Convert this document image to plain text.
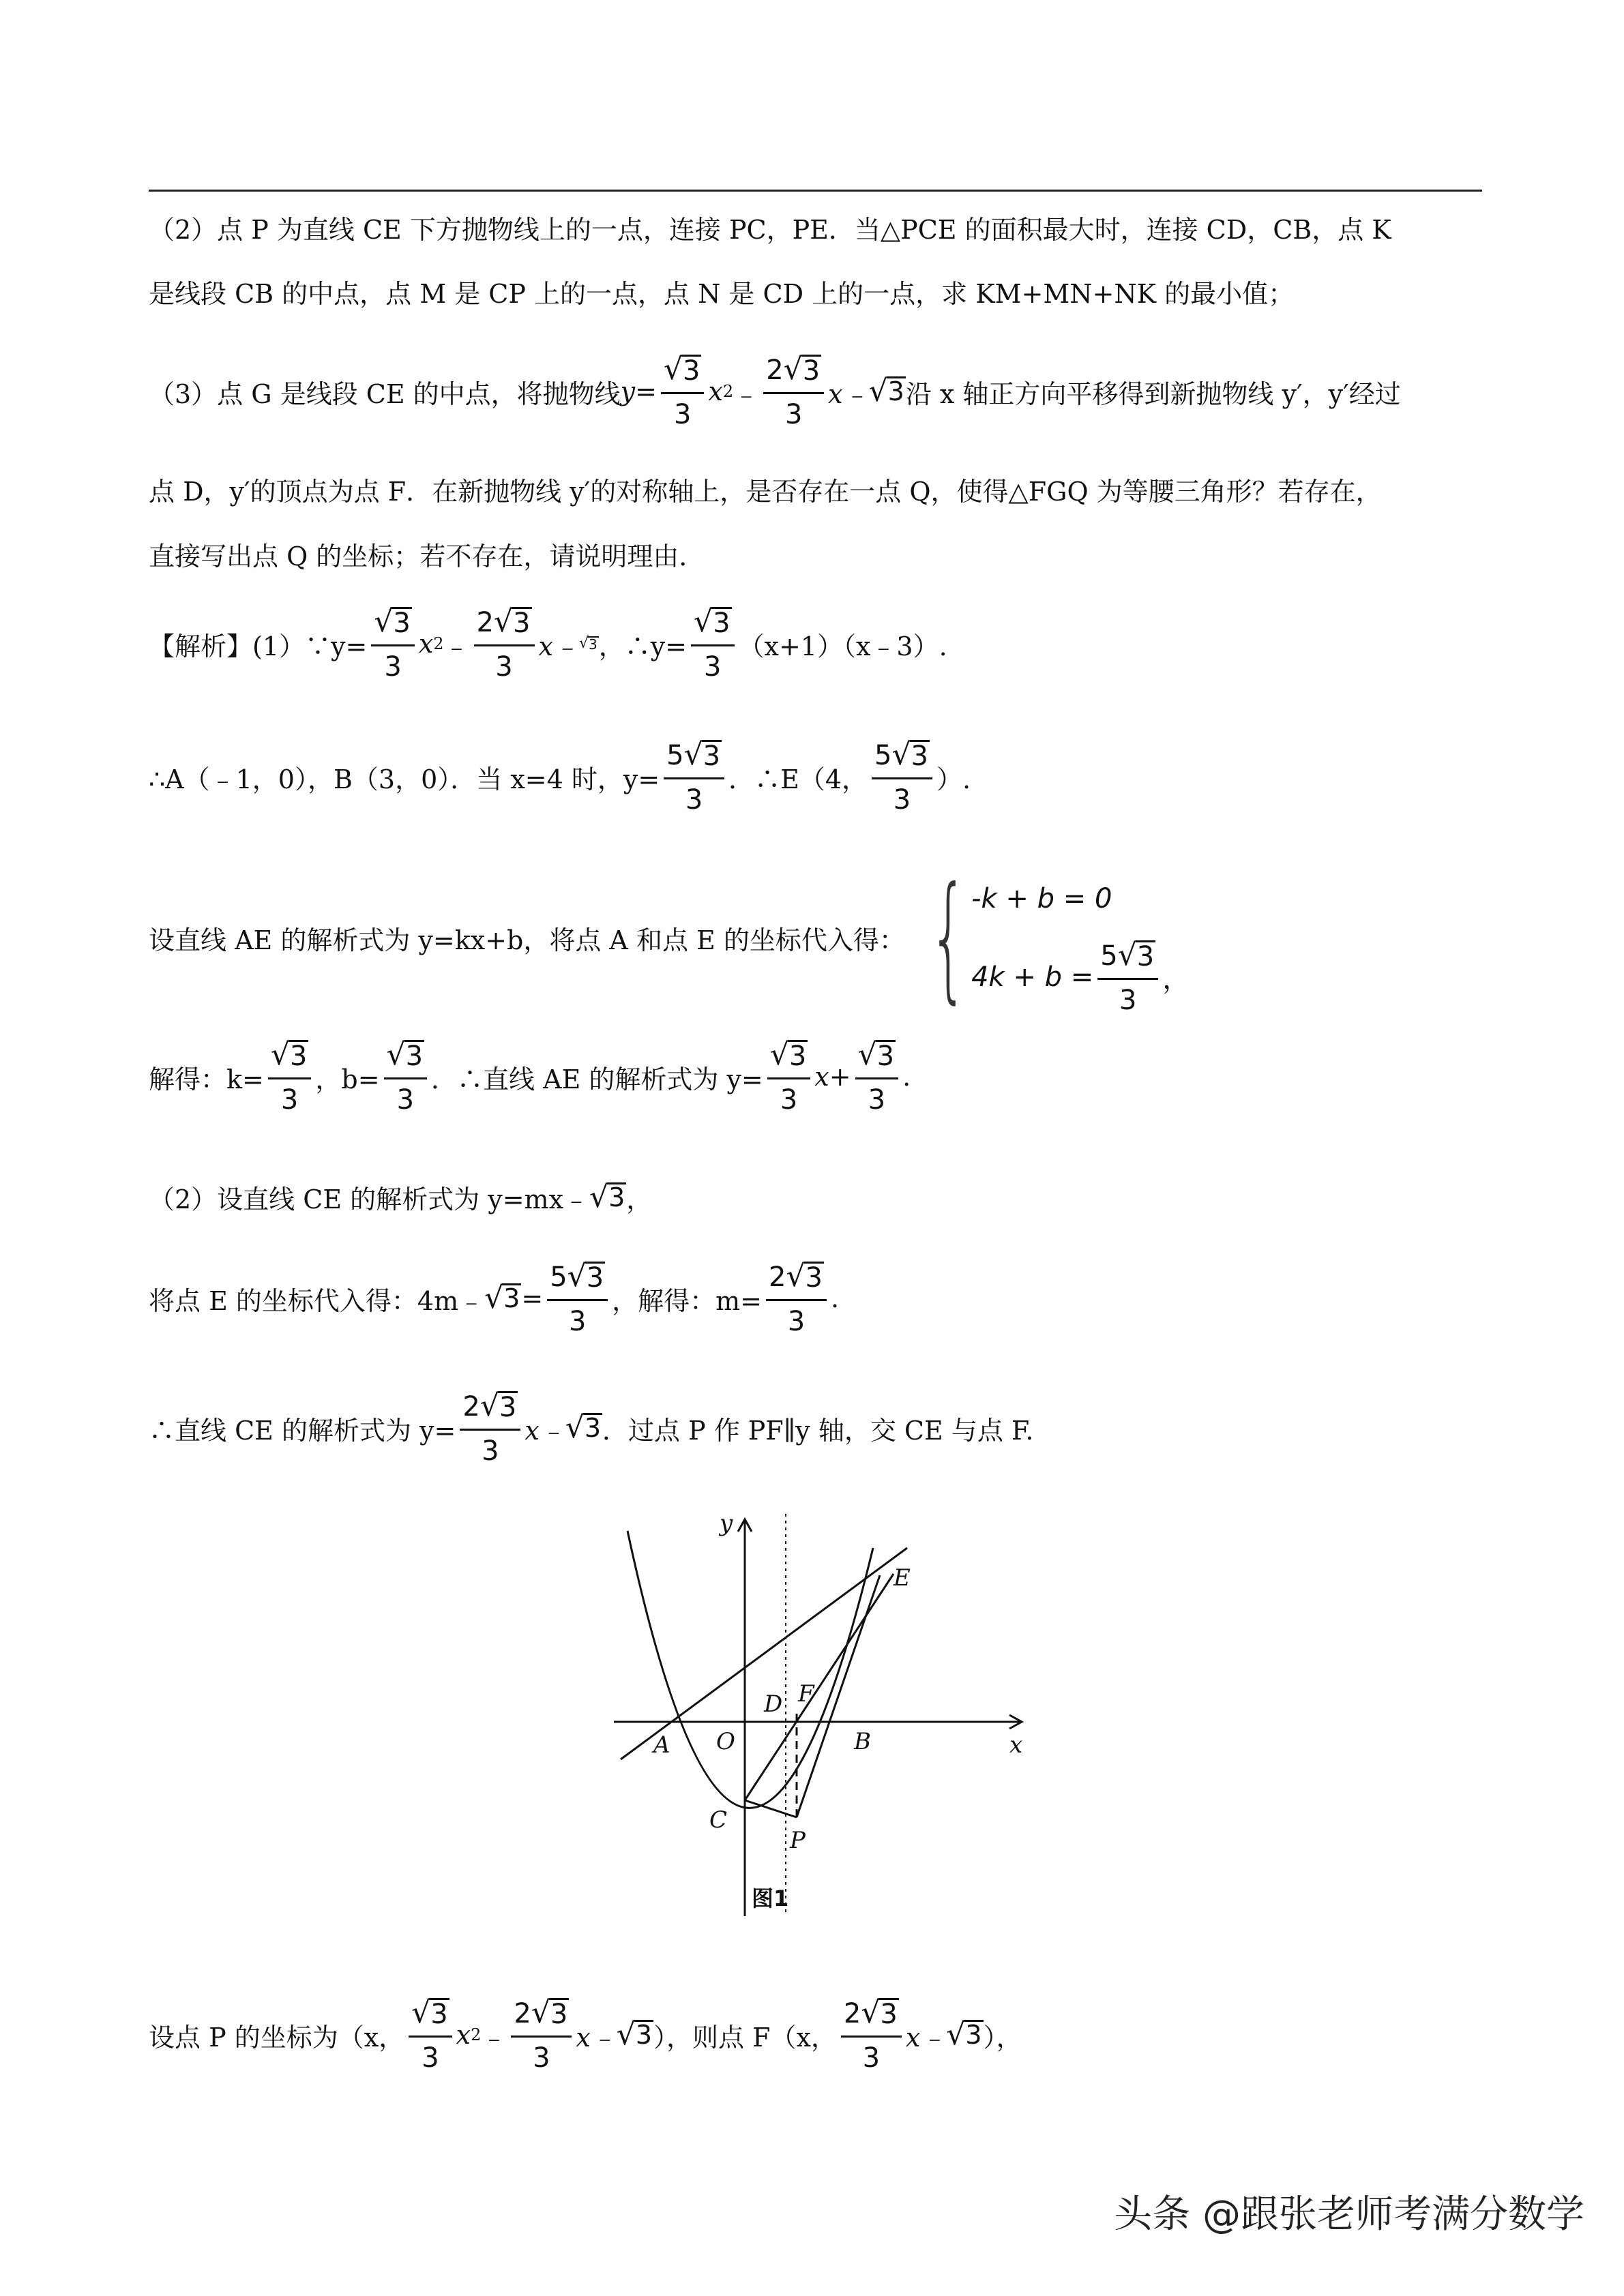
（2）点 P 为直线 CE 下方抛物线上的一点，连接 PC，PE．当△PCE 的面积最大时，连接 CD，CB，点 K
是线段 CB 的中点，点 M 是 CP 上的一点，点 N 是 CD 上的一点，求 KM+MN+NK 的最小值；
（3）点 G 是线段 CE 的中点，将抛物线 $y= \frac{√ 3}{3}$ x 2 ﹣ $\frac{2 √ 3}{3}$ x﹣ √ 3 沿 x 轴正方向平移得到新抛物线 y′，y′经过
点 D，y′的顶点为点 F．在新抛物线 y′的对称轴上，是否存在一点 Q，使得△FGQ 为等腰三角形？若存在，
直接写出点 Q 的坐标；若不存在，请说明理由．
【解析】(1）∵y= $\frac{√ 3}{3}$ x 2 ﹣ $\frac{2 √ 3}{3}$ x﹣ √ 3 ，∴y= $\frac{√ 3}{3}$ （x+1）（x﹣3）.
∴A（﹣1，0），B（3，0）．当 x=4 时，$y= \frac{5 √ 3}{3}$ ．∴E（4， $\frac{5 √ 3}{3}$ ）.
设直线 AE 的解析式为 y=kx+b，将点 A 和点 E 的坐标代入得： { -k + b = 0
$4k + b = \frac{5 √ 3}{3}$ ，
解得：$k= \frac{√ 3}{3}$ ，$b= \frac{√ 3}{3}$ ．∴直线 AE 的解析式为 $y= \frac{√ 3}{3} x+ \frac{√ 3}{3}$ .
（2）设直线 CE 的解析式为 y=mx﹣ √ 3 ，
将点 E 的坐标代入得：4m﹣ √ $3 = \frac{5 √ 3}{3}$ ，解得：$m= \frac{2 √ 3}{3}$ .
∴直线 CE 的解析式为 $y= \frac{2 √ 3}{3}$ x﹣ √ 3 ．过点 P 作 PF∥y 轴，交 CE 与点 F.
y
x
E
D F
A O	B
C
P
图1
设点 P 的坐标为（x， $\frac{√ 3}{3}$ x 2 ﹣ $\frac{2 √ 3}{3}$ x﹣ √ 3 ），则点 F（x， $\frac{2 √ 3}{3}$ x﹣ √ 3 ），
头条 @跟张老师考满分数学
